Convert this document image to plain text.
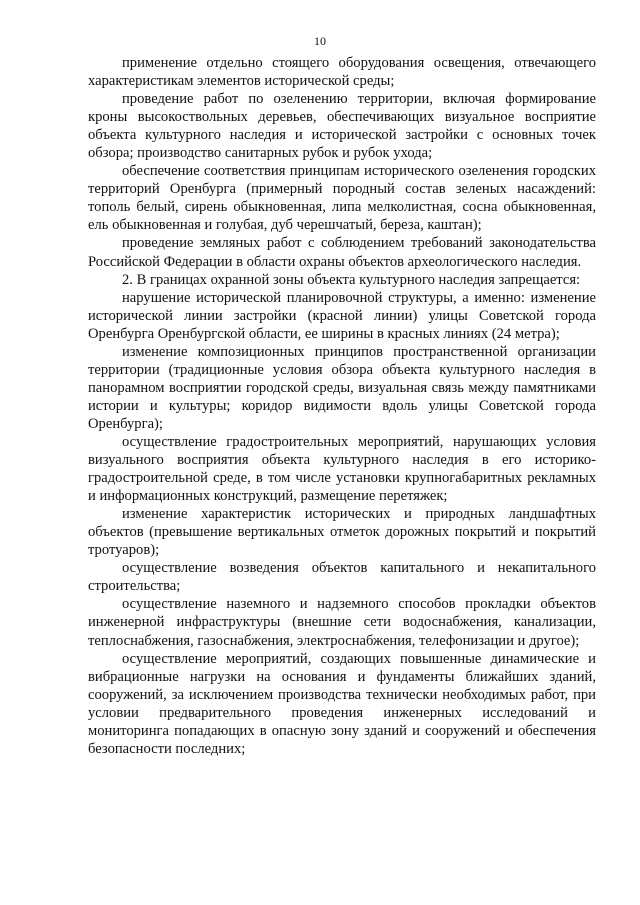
10

применение отдельно стоящего оборудования освещения, отвечающего характеристикам элементов исторической среды;

проведение работ по озеленению территории, включая формирование кроны высокоствольных деревьев, обеспечивающих визуальное восприятие объекта культурного наследия и исторической застройки с основных точек обзора; производство санитарных рубок и рубок ухода;

обеспечение соответствия принципам исторического озеленения городских территорий Оренбурга (примерный породный состав зеленых насаждений: тополь белый, сирень обыкновенная, липа мелколистная, сосна обыкновенная, ель обыкновенная и голубая, дуб черешчатый, береза, каштан);

проведение земляных работ с соблюдением требований законодательства Российской Федерации в области охраны объектов археологического наследия.

2. В границах охранной зоны объекта культурного наследия запрещается:

нарушение исторической планировочной структуры, а именно: изменение исторической линии застройки (красной линии) улицы Советской города Оренбурга Оренбургской области, ее ширины в красных линиях (24 метра);

изменение композиционных принципов пространственной организации территории (традиционные условия обзора объекта культурного наследия в панорамном восприятии городской среды, визуальная связь между памятниками истории и культуры; коридор видимости вдоль улицы Советской города Оренбурга);

осуществление градостроительных мероприятий, нарушающих условия визуального восприятия объекта культурного наследия в его историко-градостроительной среде, в том числе установки крупногабаритных рекламных и информационных конструкций, размещение перетяжек;

изменение характеристик исторических и природных ландшафтных объектов (превышение вертикальных отметок дорожных покрытий и покрытий тротуаров);

осуществление возведения объектов капитального и некапитального строительства;

осуществление наземного и надземного способов прокладки объектов инженерной инфраструктуры (внешние сети водоснабжения, канализации, теплоснабжения, газоснабжения, электроснабжения, телефонизации и другое);

осуществление мероприятий, создающих повышенные динамические и вибрационные нагрузки на основания и фундаменты ближайших зданий, сооружений, за исключением производства технически необходимых работ, при условии предварительного проведения инженерных исследований и мониторинга попадающих в опасную зону зданий и сооружений и обеспечения безопасности последних;
